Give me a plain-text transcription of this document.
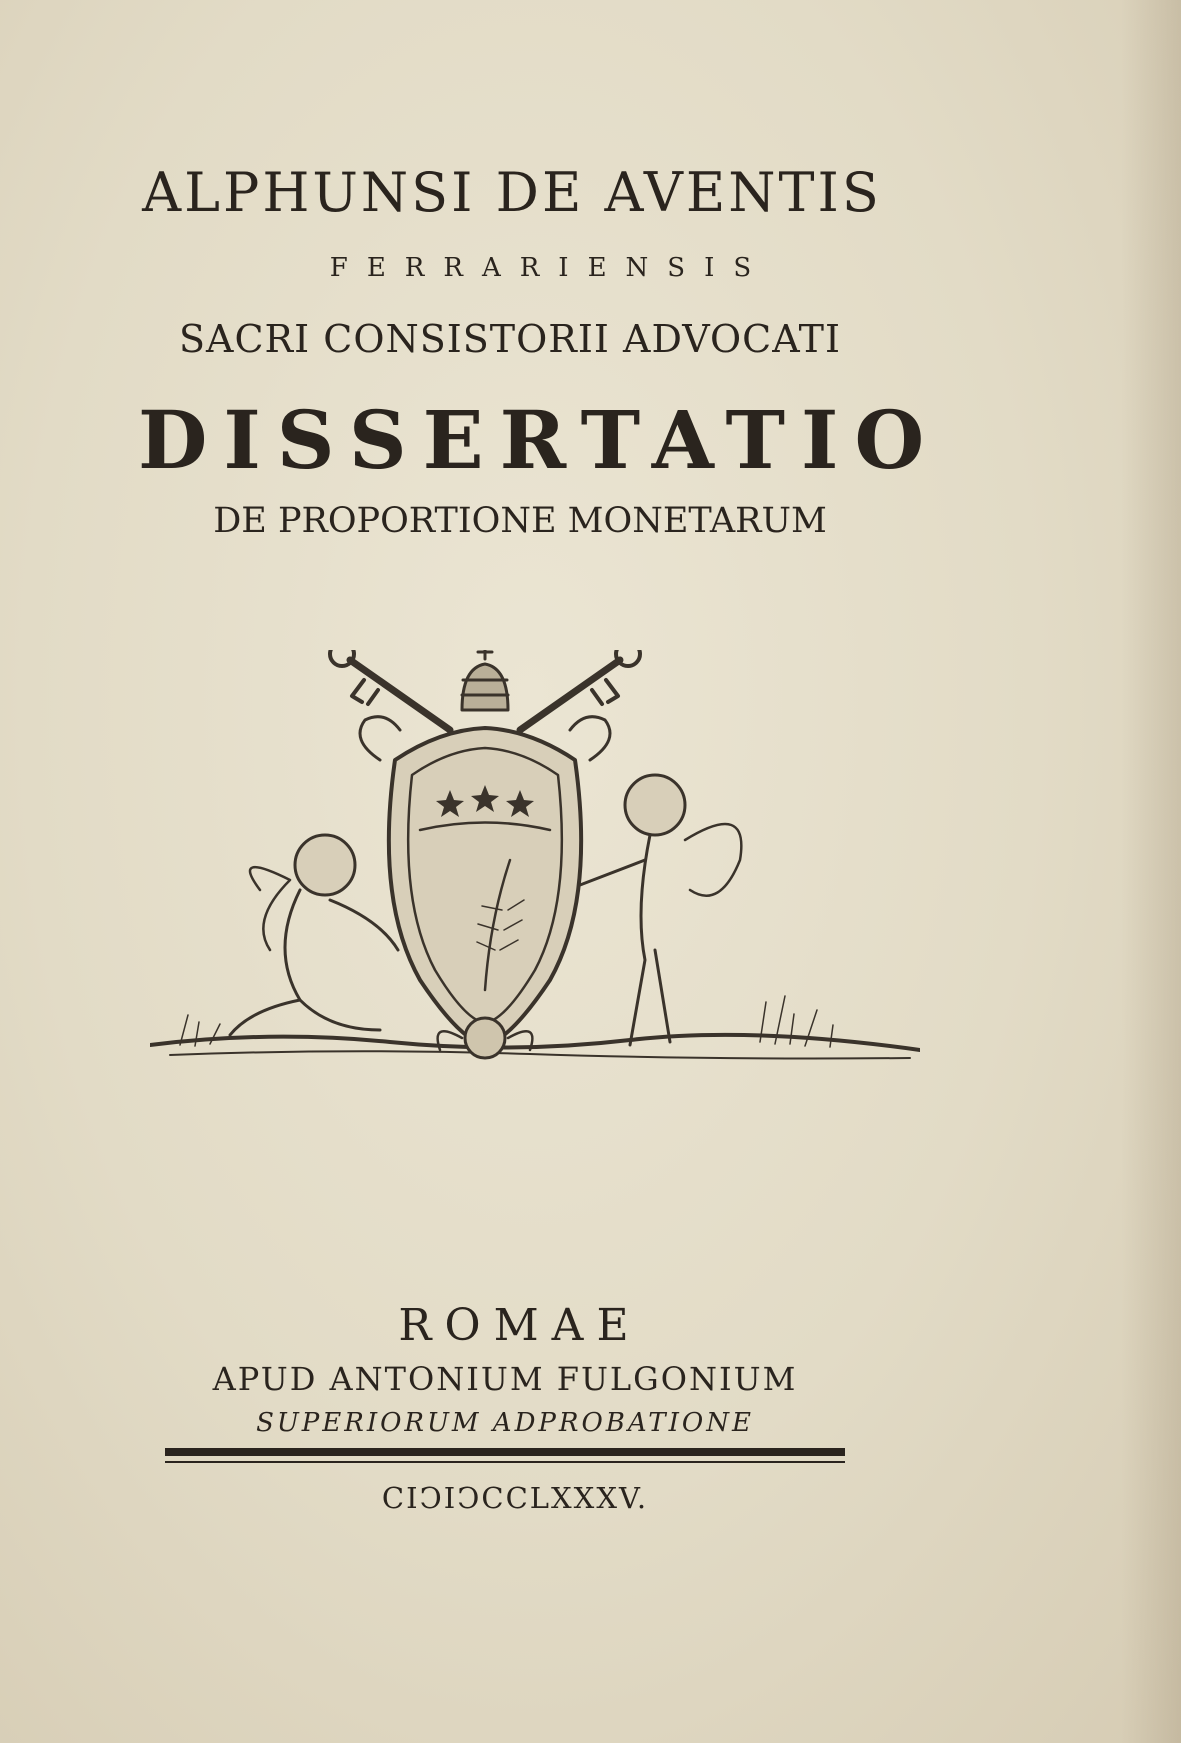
ALPHUNSI DE AVENTIS

FERRARIENSIS

SACRI CONSISTORII ADVOCATI

DISSERTATIO

DE PROPORTIONE MONETARUM

ROMAE

APUD ANTONIUM FULGONIUM

SUPERIORUM ADPROBATIONE

CIↃIↃCCLXXXV.
